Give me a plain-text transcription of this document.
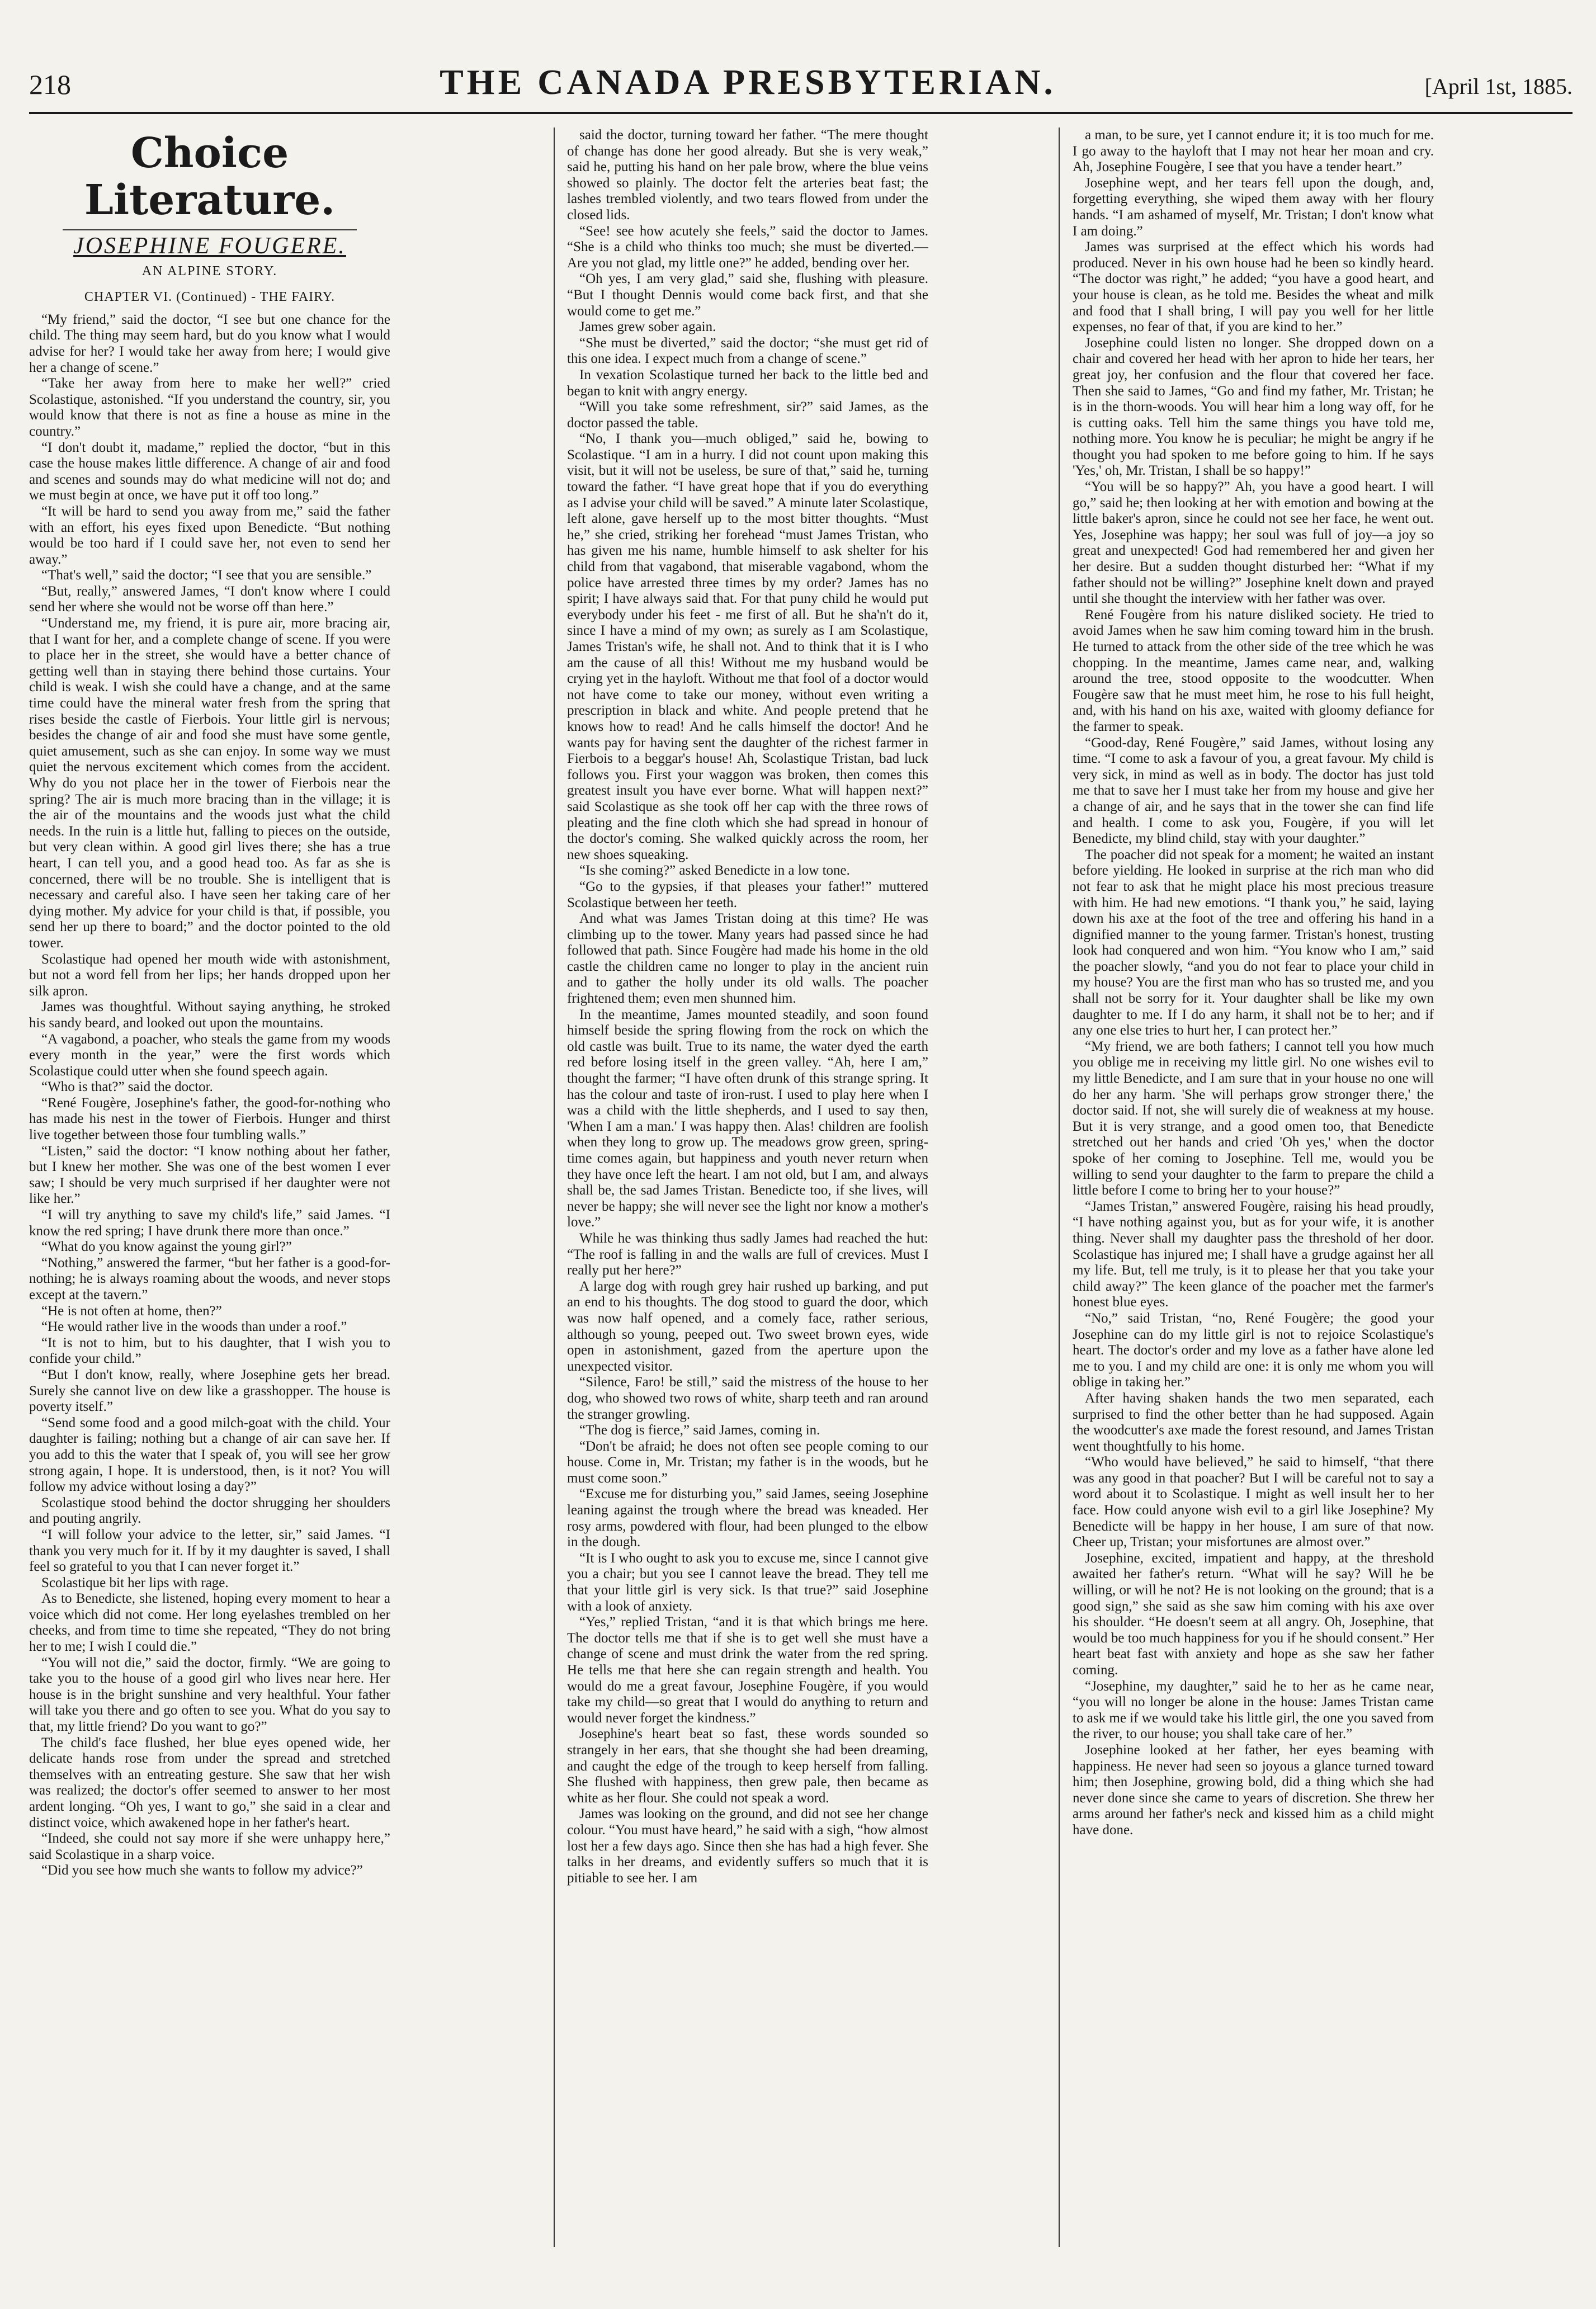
218	THE CANADA PRESBYTERIAN.	[April 1st, 1885.
Choice Literature.
JOSEPHINE FOUGERE.
AN ALPINE STORY.
CHAPTER VI. (Continued) - THE FAIRY.

“My friend,” said the doctor, “I see but one chance for the child. The thing may seem hard, but do you know what I would advise for her? I would take her away from here; I would give her a change of scene.”

“Take her away from here to make her well?” cried Scolastique, astonished. “If you understand the country, sir, you would know that there is not as fine a house as mine in the country.”

“I don't doubt it, madame,” replied the doctor, “but in this case the house makes little difference. A change of air and food and scenes and sounds may do what medicine will not do; and we must begin at once, we have put it off too long.”

“It will be hard to send you away from me,” said the father with an effort, his eyes fixed upon Benedicte. “But nothing would be too hard if I could save her, not even to send her away.”

“That's well,” said the doctor; “I see that you are sensible.”

“But, really,” answered James, “I don't know where I could send her where she would not be worse off than here.”

“Understand me, my friend, it is pure air, more bracing air, that I want for her, and a complete change of scene. If you were to place her in the street, she would have a better chance of getting well than in staying there behind those curtains. Your child is weak. I wish she could have a change, and at the same time could have the mineral water fresh from the spring that rises beside the castle of Fierbois. Your little girl is nervous; besides the change of air and food she must have some gentle, quiet amusement, such as she can enjoy. In some way we must quiet the nervous excitement which comes from the accident. Why do you not place her in the tower of Fierbois near the spring? The air is much more bracing than in the village; it is the air of the mountains and the woods just what the child needs. In the ruin is a little hut, falling to pieces on the outside, but very clean within. A good girl lives there; she has a true heart, I can tell you, and a good head too. As far as she is concerned, there will be no trouble. She is intelligent that is necessary and careful also. I have seen her taking care of her dying mother. My advice for your child is that, if possible, you send her up there to board;” and the doctor pointed to the old tower.

Scolastique had opened her mouth wide with astonishment, but not a word fell from her lips; her hands dropped upon her silk apron.

James was thoughtful. Without saying anything, he stroked his sandy beard, and looked out upon the mountains.

“A vagabond, a poacher, who steals the game from my woods every month in the year,” were the first words which Scolastique could utter when she found speech again.

“Who is that?” said the doctor.

“René Fougère, Josephine's father, the good-for-nothing who has made his nest in the tower of Fierbois. Hunger and thirst live together between those four tumbling walls.”

“Listen,” said the doctor: “I know nothing about her father, but I knew her mother. She was one of the best women I ever saw; I should be very much surprised if her daughter were not like her.”

“I will try anything to save my child's life,” said James. “I know the red spring; I have drunk there more than once.”

“What do you know against the young girl?”

“Nothing,” answered the farmer, “but her father is a good-for-nothing; he is always roaming about the woods, and never stops except at the tavern.”

“He is not often at home, then?”

“He would rather live in the woods than under a roof.”

“It is not to him, but to his daughter, that I wish you to confide your child.”

“But I don't know, really, where Josephine gets her bread. Surely she cannot live on dew like a grasshopper. The house is poverty itself.”

“Send some food and a good milch-goat with the child. Your daughter is failing; nothing but a change of air can save her. If you add to this the water that I speak of, you will see her grow strong again, I hope. It is understood, then, is it not? You will follow my advice without losing a day?”

Scolastique stood behind the doctor shrugging her shoulders and pouting angrily.

“I will follow your advice to the letter, sir,” said James. “I thank you very much for it. If by it my daughter is saved, I shall feel so grateful to you that I can never forget it.”

Scolastique bit her lips with rage.

As to Benedicte, she listened, hoping every moment to hear a voice which did not come. Her long eyelashes trembled on her cheeks, and from time to time she repeated, “They do not bring her to me; I wish I could die.”

“You will not die,” said the doctor, firmly. “We are going to take you to the house of a good girl who lives near here. Her house is in the bright sunshine and very healthful. Your father will take you there and go often to see you. What do you say to that, my little friend? Do you want to go?”

The child's face flushed, her blue eyes opened wide, her delicate hands rose from under the spread and stretched themselves with an entreating gesture. She saw that her wish was realized; the doctor's offer seemed to answer to her most ardent longing. “Oh yes, I want to go,” she said in a clear and distinct voice, which awakened hope in her father's heart.

“Indeed, she could not say more if she were unhappy here,” said Scolastique in a sharp voice.

“Did you see how much she wants to follow my advice?”

said the doctor, turning toward her father. “The mere thought of change has done her good already. But she is very weak,” said he, putting his hand on her pale brow, where the blue veins showed so plainly. The doctor felt the arteries beat fast; the lashes trembled violently, and two tears flowed from under the closed lids.

“See! see how acutely she feels,” said the doctor to James. “She is a child who thinks too much; she must be diverted.—Are you not glad, my little one?” he added, bending over her.

“Oh yes, I am very glad,” said she, flushing with pleasure. “But I thought Dennis would come back first, and that she would come to get me.”

James grew sober again.

“She must be diverted,” said the doctor; “she must get rid of this one idea. I expect much from a change of scene.”

In vexation Scolastique turned her back to the little bed and began to knit with angry energy.

“Will you take some refreshment, sir?” said James, as the doctor passed the table.

“No, I thank you—much obliged,” said he, bowing to Scolastique. “I am in a hurry. I did not count upon making this visit, but it will not be useless, be sure of that,” said he, turning toward the father. “I have great hope that if you do everything as I advise your child will be saved.” A minute later Scolastique, left alone, gave herself up to the most bitter thoughts. “Must he,” she cried, striking her forehead “must James Tristan, who has given me his name, humble himself to ask shelter for his child from that vagabond, that miserable vagabond, whom the police have arrested three times by my order? James has no spirit; I have always said that. For that puny child he would put everybody under his feet - me first of all. But he sha'n't do it, since I have a mind of my own; as surely as I am Scolastique, James Tristan's wife, he shall not. And to think that it is I who am the cause of all this! Without me my husband would be crying yet in the hayloft. Without me that fool of a doctor would not have come to take our money, without even writing a prescription in black and white. And people pretend that he knows how to read! And he calls himself the doctor! And he wants pay for having sent the daughter of the richest farmer in Fierbois to a beggar's house! Ah, Scolastique Tristan, bad luck follows you. First your waggon was broken, then comes this greatest insult you have ever borne. What will happen next?” said Scolastique as she took off her cap with the three rows of pleating and the fine cloth which she had spread in honour of the doctor's coming. She walked quickly across the room, her new shoes squeaking.

“Is she coming?” asked Benedicte in a low tone.

“Go to the gypsies, if that pleases your father!” muttered Scolastique between her teeth.

And what was James Tristan doing at this time? He was climbing up to the tower. Many years had passed since he had followed that path. Since Fougère had made his home in the old castle the children came no longer to play in the ancient ruin and to gather the holly under its old walls. The poacher frightened them; even men shunned him.

In the meantime, James mounted steadily, and soon found himself beside the spring flowing from the rock on which the old castle was built. True to its name, the water dyed the earth red before losing itself in the green valley. “Ah, here I am,” thought the farmer; “I have often drunk of this strange spring. It has the colour and taste of iron-rust. I used to play here when I was a child with the little shepherds, and I used to say then, 'When I am a man.' I was happy then. Alas! children are foolish when they long to grow up. The meadows grow green, spring-time comes again, but happiness and youth never return when they have once left the heart. I am not old, but I am, and always shall be, the sad James Tristan. Benedicte too, if she lives, will never be happy; she will never see the light nor know a mother's love.”

While he was thinking thus sadly James had reached the hut: “The roof is falling in and the walls are full of crevices. Must I really put her here?”

A large dog with rough grey hair rushed up barking, and put an end to his thoughts. The dog stood to guard the door, which was now half opened, and a comely face, rather serious, although so young, peeped out. Two sweet brown eyes, wide open in astonishment, gazed from the aperture upon the unexpected visitor.

“Silence, Faro! be still,” said the mistress of the house to her dog, who showed two rows of white, sharp teeth and ran around the stranger growling.

“The dog is fierce,” said James, coming in.

“Don't be afraid; he does not often see people coming to our house. Come in, Mr. Tristan; my father is in the woods, but he must come soon.”

“Excuse me for disturbing you,” said James, seeing Josephine leaning against the trough where the bread was kneaded. Her rosy arms, powdered with flour, had been plunged to the elbow in the dough.

“It is I who ought to ask you to excuse me, since I cannot give you a chair; but you see I cannot leave the bread. They tell me that your little girl is very sick. Is that true?” said Josephine with a look of anxiety.

“Yes,” replied Tristan, “and it is that which brings me here. The doctor tells me that if she is to get well she must have a change of scene and must drink the water from the red spring. He tells me that here she can regain strength and health. You would do me a great favour, Josephine Fougère, if you would take my child—so great that I would do anything to return and would never forget the kindness.”

Josephine's heart beat so fast, these words sounded so strangely in her ears, that she thought she had been dreaming, and caught the edge of the trough to keep herself from falling. She flushed with happiness, then grew pale, then became as white as her flour. She could not speak a word.

James was looking on the ground, and did not see her change colour. “You must have heard,” he said with a sigh, “how almost lost her a few days ago. Since then she has had a high fever. She talks in her dreams, and evidently suffers so much that it is pitiable to see her. I am

a man, to be sure, yet I cannot endure it; it is too much for me. I go away to the hayloft that I may not hear her moan and cry. Ah, Josephine Fougère, I see that you have a tender heart.”

Josephine wept, and her tears fell upon the dough, and, forgetting everything, she wiped them away with her floury hands. “I am ashamed of myself, Mr. Tristan; I don't know what I am doing.”

James was surprised at the effect which his words had produced. Never in his own house had he been so kindly heard. “The doctor was right,” he added; “you have a good heart, and your house is clean, as he told me. Besides the wheat and milk and food that I shall bring, I will pay you well for her little expenses, no fear of that, if you are kind to her.”

Josephine could listen no longer. She dropped down on a chair and covered her head with her apron to hide her tears, her great joy, her confusion and the flour that covered her face. Then she said to James, “Go and find my father, Mr. Tristan; he is in the thorn-woods. You will hear him a long way off, for he is cutting oaks. Tell him the same things you have told me, nothing more. You know he is peculiar; he might be angry if he thought you had spoken to me before going to him. If he says 'Yes,' oh, Mr. Tristan, I shall be so happy!”

“You will be so happy?” Ah, you have a good heart. I will go,” said he; then looking at her with emotion and bowing at the little baker's apron, since he could not see her face, he went out. Yes, Josephine was happy; her soul was full of joy—a joy so great and unexpected! God had remembered her and given her her desire. But a sudden thought disturbed her: “What if my father should not be willing?” Josephine knelt down and prayed until she thought the interview with her father was over.

René Fougère from his nature disliked society. He tried to avoid James when he saw him coming toward him in the brush. He turned to attack from the other side of the tree which he was chopping. In the meantime, James came near, and, walking around the tree, stood opposite to the woodcutter. When Fougère saw that he must meet him, he rose to his full height, and, with his hand on his axe, waited with gloomy defiance for the farmer to speak.

“Good-day, René Fougère,” said James, without losing any time. “I come to ask a favour of you, a great favour. My child is very sick, in mind as well as in body. The doctor has just told me that to save her I must take her from my house and give her a change of air, and he says that in the tower she can find life and health. I come to ask you, Fougère, if you will let Benedicte, my blind child, stay with your daughter.”

The poacher did not speak for a moment; he waited an instant before yielding. He looked in surprise at the rich man who did not fear to ask that he might place his most precious treasure with him. He had new emotions. “I thank you,” he said, laying down his axe at the foot of the tree and offering his hand in a dignified manner to the young farmer. Tristan's honest, trusting look had conquered and won him. “You know who I am,” said the poacher slowly, “and you do not fear to place your child in my house? You are the first man who has so trusted me, and you shall not be sorry for it. Your daughter shall be like my own daughter to me. If I do any harm, it shall not be to her; and if any one else tries to hurt her, I can protect her.”

“My friend, we are both fathers; I cannot tell you how much you oblige me in receiving my little girl. No one wishes evil to my little Benedicte, and I am sure that in your house no one will do her any harm. 'She will perhaps grow stronger there,' the doctor said. If not, she will surely die of weakness at my house. But it is very strange, and a good omen too, that Benedicte stretched out her hands and cried 'Oh yes,' when the doctor spoke of her coming to Josephine. Tell me, would you be willing to send your daughter to the farm to prepare the child a little before I come to bring her to your house?”

“James Tristan,” answered Fougère, raising his head proudly, “I have nothing against you, but as for your wife, it is another thing. Never shall my daughter pass the threshold of her door. Scolastique has injured me; I shall have a grudge against her all my life. But, tell me truly, is it to please her that you take your child away?” The keen glance of the poacher met the farmer's honest blue eyes.

“No,” said Tristan, “no, René Fougère; the good your Josephine can do my little girl is not to rejoice Scolastique's heart. The doctor's order and my love as a father have alone led me to you. I and my child are one: it is only me whom you will oblige in taking her.”

After having shaken hands the two men separated, each surprised to find the other better than he had supposed. Again the woodcutter's axe made the forest resound, and James Tristan went thoughtfully to his home.

“Who would have believed,” he said to himself, “that there was any good in that poacher? But I will be careful not to say a word about it to Scolastique. I might as well insult her to her face. How could anyone wish evil to a girl like Josephine? My Benedicte will be happy in her house, I am sure of that now. Cheer up, Tristan; your misfortunes are almost over.”

Josephine, excited, impatient and happy, at the threshold awaited her father's return. “What will he say? Will he be willing, or will he not? He is not looking on the ground; that is a good sign,” she said as she saw him coming with his axe over his shoulder. “He doesn't seem at all angry. Oh, Josephine, that would be too much happiness for you if he should consent.” Her heart beat fast with anxiety and hope as she saw her father coming.

“Josephine, my daughter,” said he to her as he came near, “you will no longer be alone in the house: James Tristan came to ask me if we would take his little girl, the one you saved from the river, to our house; you shall take care of her.”

Josephine looked at her father, her eyes beaming with happiness. He never had seen so joyous a glance turned toward him; then Josephine, growing bold, did a thing which she had never done since she came to years of discretion. She threw her arms around her father's neck and kissed him as a child might have done.
